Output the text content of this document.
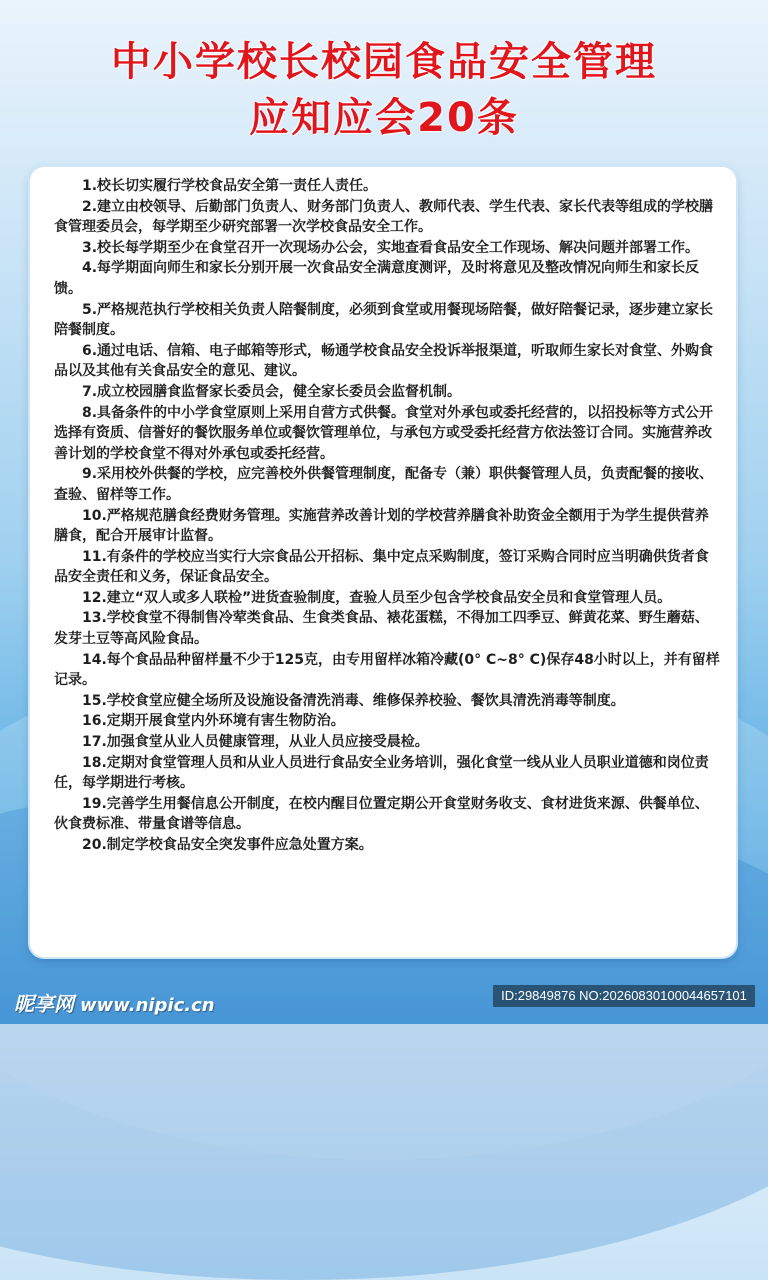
中小学校长校园食品安全管理
应知应会20条

1.校长切实履行学校食品安全第一责任人责任。

2.建立由校领导、后勤部门负责人、财务部门负责人、教师代表、学生代表、家长代表等组成的学校膳食管理委员会，每学期至少研究部署一次学校食品安全工作。

3.校长每学期至少在食堂召开一次现场办公会，实地查看食品安全工作现场、解决问题并部署工作。

4.每学期面向师生和家长分别开展一次食品安全满意度测评，及时将意见及整改情况向师生和家长反馈。

5.严格规范执行学校相关负责人陪餐制度，必须到食堂或用餐现场陪餐，做好陪餐记录，逐步建立家长陪餐制度。

6.通过电话、信箱、电子邮箱等形式，畅通学校食品安全投诉举报渠道，听取师生家长对食堂、外购食品以及其他有关食品安全的意见、建议。

7.成立校园膳食监督家长委员会，健全家长委员会监督机制。

8.具备条件的中小学食堂原则上采用自营方式供餐。食堂对外承包或委托经营的，以招投标等方式公开选择有资质、信誉好的餐饮服务单位或餐饮管理单位，与承包方或受委托经营方依法签订合同。实施营养改善计划的学校食堂不得对外承包或委托经营。

9.采用校外供餐的学校，应完善校外供餐管理制度，配备专（兼）职供餐管理人员，负责配餐的接收、查验、留样等工作。

10.严格规范膳食经费财务管理。实施营养改善计划的学校营养膳食补助资金全额用于为学生提供营养膳食，配合开展审计监督。

11.有条件的学校应当实行大宗食品公开招标、集中定点采购制度，签订采购合同时应当明确供货者食品安全责任和义务，保证食品安全。

12.建立“双人或多人联检”进货查验制度，查验人员至少包含学校食品安全员和食堂管理人员。

13.学校食堂不得制售冷荤类食品、生食类食品、裱花蛋糕，不得加工四季豆、鲜黄花菜、野生蘑菇、发芽土豆等高风险食品。

14.每个食品品种留样量不少于125克，由专用留样冰箱冷藏(0° C~8° C)保存48小时以上，并有留样记录。

15.学校食堂应健全场所及设施设备清洗消毒、维修保养校验、餐饮具清洗消毒等制度。

16.定期开展食堂内外环境有害生物防治。

17.加强食堂从业人员健康管理，从业人员应接受晨检。

18.定期对食堂管理人员和从业人员进行食品安全业务培训，强化食堂一线从业人员职业道德和岗位责任，每学期进行考核。

19.完善学生用餐信息公开制度，在校内醒目位置定期公开食堂财务收支、食材进货来源、供餐单位、伙食费标准、带量食谱等信息。

20.制定学校食品安全突发事件应急处置方案。

昵享网 www.nipic.cn	ID:29849876 NO:20260830100044657101
